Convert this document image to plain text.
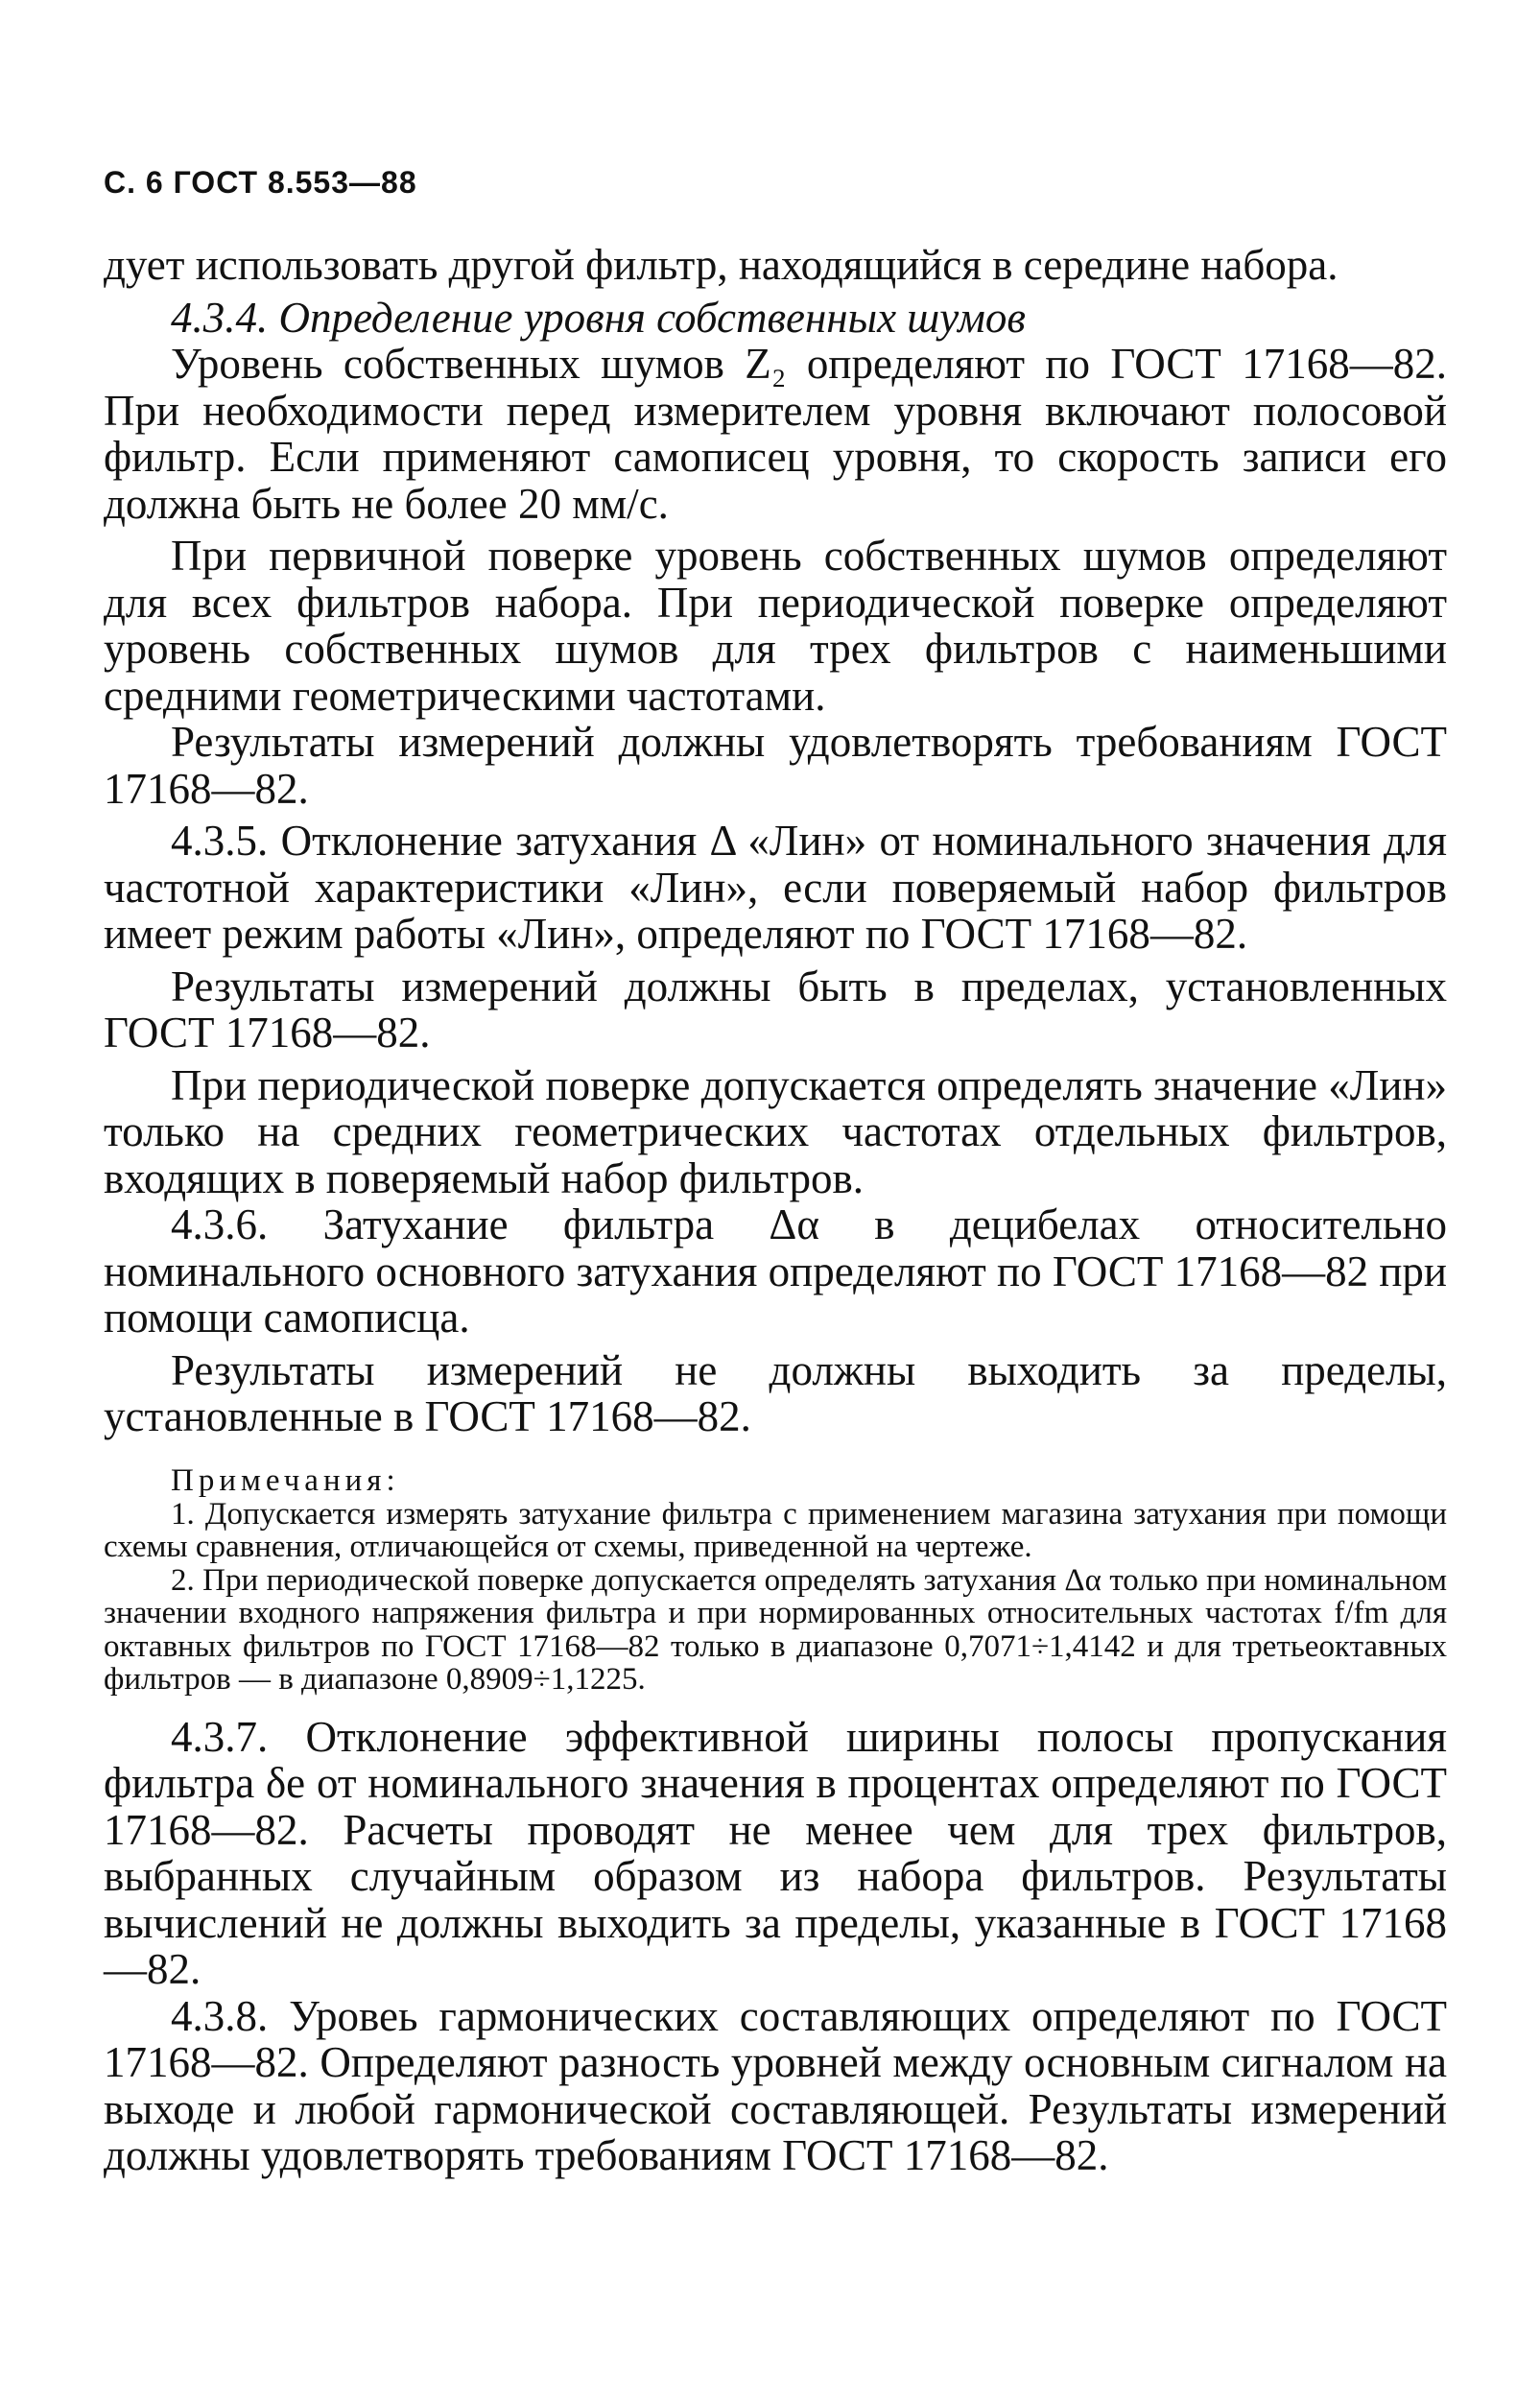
С. 6 ГОСТ 8.553—88

дует использовать другой фильтр, находящийся в середине набора.

4.3.4. Определение уровня собственных шумов

Уровень собственных шумов Z₂ определяют по ГОСТ 17168—82. При необходимости перед измерителем уровня включают полосовой фильтр. Если применяют самописец уровня, то скорость записи его должна быть не более 20 мм/с.

При первичной поверке уровень собственных шумов определяют для всех фильтров набора. При периодической поверке определяют уровень собственных шумов для трех фильтров с наименьшими средними геометрическими частотами.

Результаты измерений должны удовлетворять требованиям ГОСТ 17168—82.

4.3.5. Отклонение затухания Δ «Лин» от номинального значения для частотной характеристики «Лин», если поверяемый набор фильтров имеет режим работы «Лин», определяют по ГОСТ 17168—82.

Результаты измерений должны быть в пределах, установленных ГОСТ 17168—82.

При периодической поверке допускается определять значение «Лин» только на средних геометрических частотах отдельных фильтров, входящих в поверяемый набор фильтров.

4.3.6. Затухание фильтра Δα в децибелах относительно номинального основного затухания определяют по ГОСТ 17168—82 при помощи самописца.

Результаты измерений не должны выходить за пределы, установленные в ГОСТ 17168—82.

Примечания:

1. Допускается измерять затухание фильтра с применением магазина затухания при помощи схемы сравнения, отличающейся от схемы, приведенной на чертеже.

2. При периодической поверке допускается определять затухания Δα только при номинальном значении входного напряжения фильтра и при нормированных относительных частотах f/fm для октавных фильтров по ГОСТ 17168—82 только в диапазоне 0,7071÷1,4142 и для третьеоктавных фильтров — в диапазоне 0,8909÷1,1225.

4.3.7. Отклонение эффективной ширины полосы пропускания фильтра δe от номинального значения в процентах определяют по ГОСТ 17168—82. Расчеты проводят не менее чем для трех фильтров, выбранных случайным образом из набора фильтров. Результаты вычислений не должны выходить за пределы, указанные в ГОСТ 17168—82.

4.3.8. Уровеь гармонических составляющих определяют по ГОСТ 17168—82. Определяют разность уровней между основным сигналом на выходе и любой гармонической составляющей. Результаты измерений должны удовлетворять требованиям ГОСТ 17168—82.
